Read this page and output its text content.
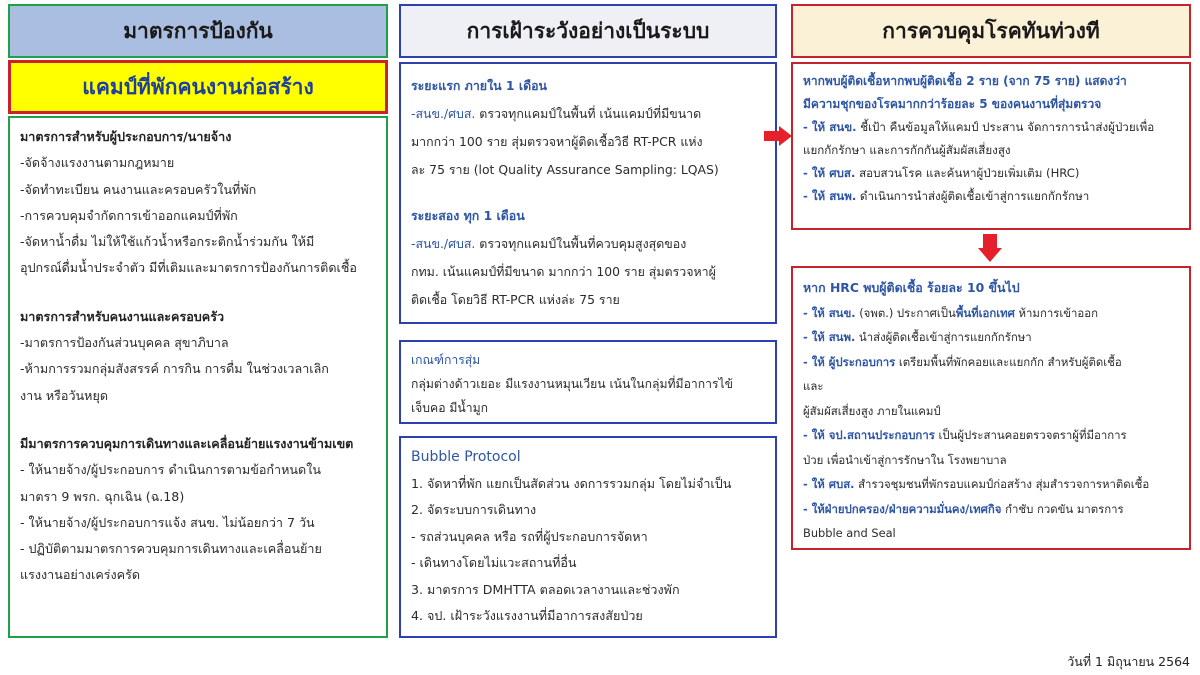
มาตรการป้องกัน
แคมป์ที่พักคนงานก่อสร้าง
มาตรการสำหรับผู้ประกอบการ/นายจ้าง
-จัดจ้างแรงงานตามกฎหมาย
-จัดทำทะเบียน คนงานและครอบครัวในที่พัก
-การควบคุมจำกัดการเข้าออกแคมป์ที่พัก
-จัดหาน้ำดื่ม ไม่ให้ใช้แก้วน้ำหรือกระติกน้ำร่วมกัน ให้มี
อุปกรณ์ดื่มน้ำประจำตัว มีที่เติมและมาตรการป้องกันการติดเชื้อ
มาตรการสำหรับคนงานและครอบครัว
-มาตรการป้องกันส่วนบุคคล สุขาภิบาล
-ห้ามการรวมกลุ่มสังสรรค์ การกิน การดื่ม ในช่วงเวลาเลิก
งาน หรือวันหยุด
มีมาตรการควบคุมการเดินทางและเคลื่อนย้ายแรงงานข้ามเขต
- ให้นายจ้าง/ผู้ประกอบการ ดำเนินการตามข้อกำหนดใน
มาตรา 9 พรก. ฉุกเฉิน (ฉ.18)
- ให้นายจ้าง/ผู้ประกอบการแจ้ง สนข. ไม่น้อยกว่า 7 วัน
- ปฏิบัติตามมาตรการควบคุมการเดินทางและเคลื่อนย้าย
แรงงานอย่างเคร่งครัด
การเฝ้าระวังอย่างเป็นระบบ
ระยะแรก ภายใน 1 เดือน
-สนข./ศบส. ตรวจทุกแคมป์ในพื้นที่ เน้นแคมป์ที่มีขนาด
มากกว่า 100 ราย สุ่มตรวจหาผู้ติดเชื้อวิธี RT-PCR แห่ง
ละ 75 ราย (lot Quality Assurance Sampling: LQAS)
ระยะสอง ทุก 1 เดือน
-สนข./ศบส. ตรวจทุกแคมป์ในพื้นที่ควบคุมสูงสุดของ
กทม. เน้นแคมป์ที่มีขนาด มากกว่า 100 ราย สุ่มตรวจหาผู้
ติดเชื้อ โดยวิธี RT-PCR แห่งล่ะ 75 ราย
เกณฑ์การสุ่ม
กลุ่มต่างด้าวเยอะ มีแรงงานหมุนเวียน เน้นในกลุ่มที่มีอาการไข้
เจ็บคอ มีน้ำมูก
Bubble Protocol
1. จัดหาที่พัก แยกเป็นสัดส่วน งดการรวมกลุ่ม โดยไม่จำเป็น
2. จัดระบบการเดินทาง
- รถส่วนบุคคล หรือ รถที่ผู้ประกอบการจัดหา
- เดินทางโดยไม่แวะสถานที่อื่น
3. มาตรการ DMHTTA ตลอดเวลางานและช่วงพัก
4. จป. เฝ้าระวังแรงงานที่มีอาการสงสัยป่วย
การควบคุมโรคทันท่วงที
หากพบผู้ติดเชื้อหากพบผู้ติดเชื้อ 2 ราย (จาก 75 ราย) แสดงว่า
มีความชุกของโรคมากกว่าร้อยละ 5 ของคนงานที่สุ่มตรวจ
- ให้ สนข. ชี้เป้า คืนข้อมูลให้แคมป์ ประสาน จัดการการนำส่งผู้ป่วยเพื่อ
แยกกักรักษา และการกักกันผู้สัมผัสเสี่ยงสูง
- ให้ ศบส. สอบสวนโรค และค้นหาผู้ป่วยเพิ่มเติม (HRC)
- ให้ สนพ. ดำเนินการนำส่งผู้ติดเชื้อเข้าสู่การแยกกักรักษา
หาก HRC พบผู้ติดเชื้อ ร้อยละ 10 ขึ้นไป
- ให้ สนข. (จพต.) ประกาศเป็นพื้นที่เอกเทศ ห้ามการเข้าออก
- ให้ สนพ. นำส่งผู้ติดเชื้อเข้าสู่การแยกกักรักษา
- ให้ ผู้ประกอบการ เตรียมพื้นที่พักคอยและแยกกัก สำหรับผู้ติดเชื้อ
และ
ผู้สัมผัสเสี่ยงสูง ภายในแคมป์
- ให้ จป.สถานประกอบการ เป็นผู้ประสานคอยตรวจตราผู้ที่มีอาการ
ป่วย เพื่อนำเข้าสู่การรักษาใน โรงพยาบาล
- ให้ ศบส. สำรวจชุมชนที่พักรอบแคมป์ก่อสร้าง สุ่มสำรวจการหาติดเชื้อ
- ให้ฝ่ายปกครอง/ฝ่ายความมั่นคง/เทศกิจ กำชับ กวดขัน มาตรการ
Bubble and Seal
วันที่ 1 มิถุนายน 2564
